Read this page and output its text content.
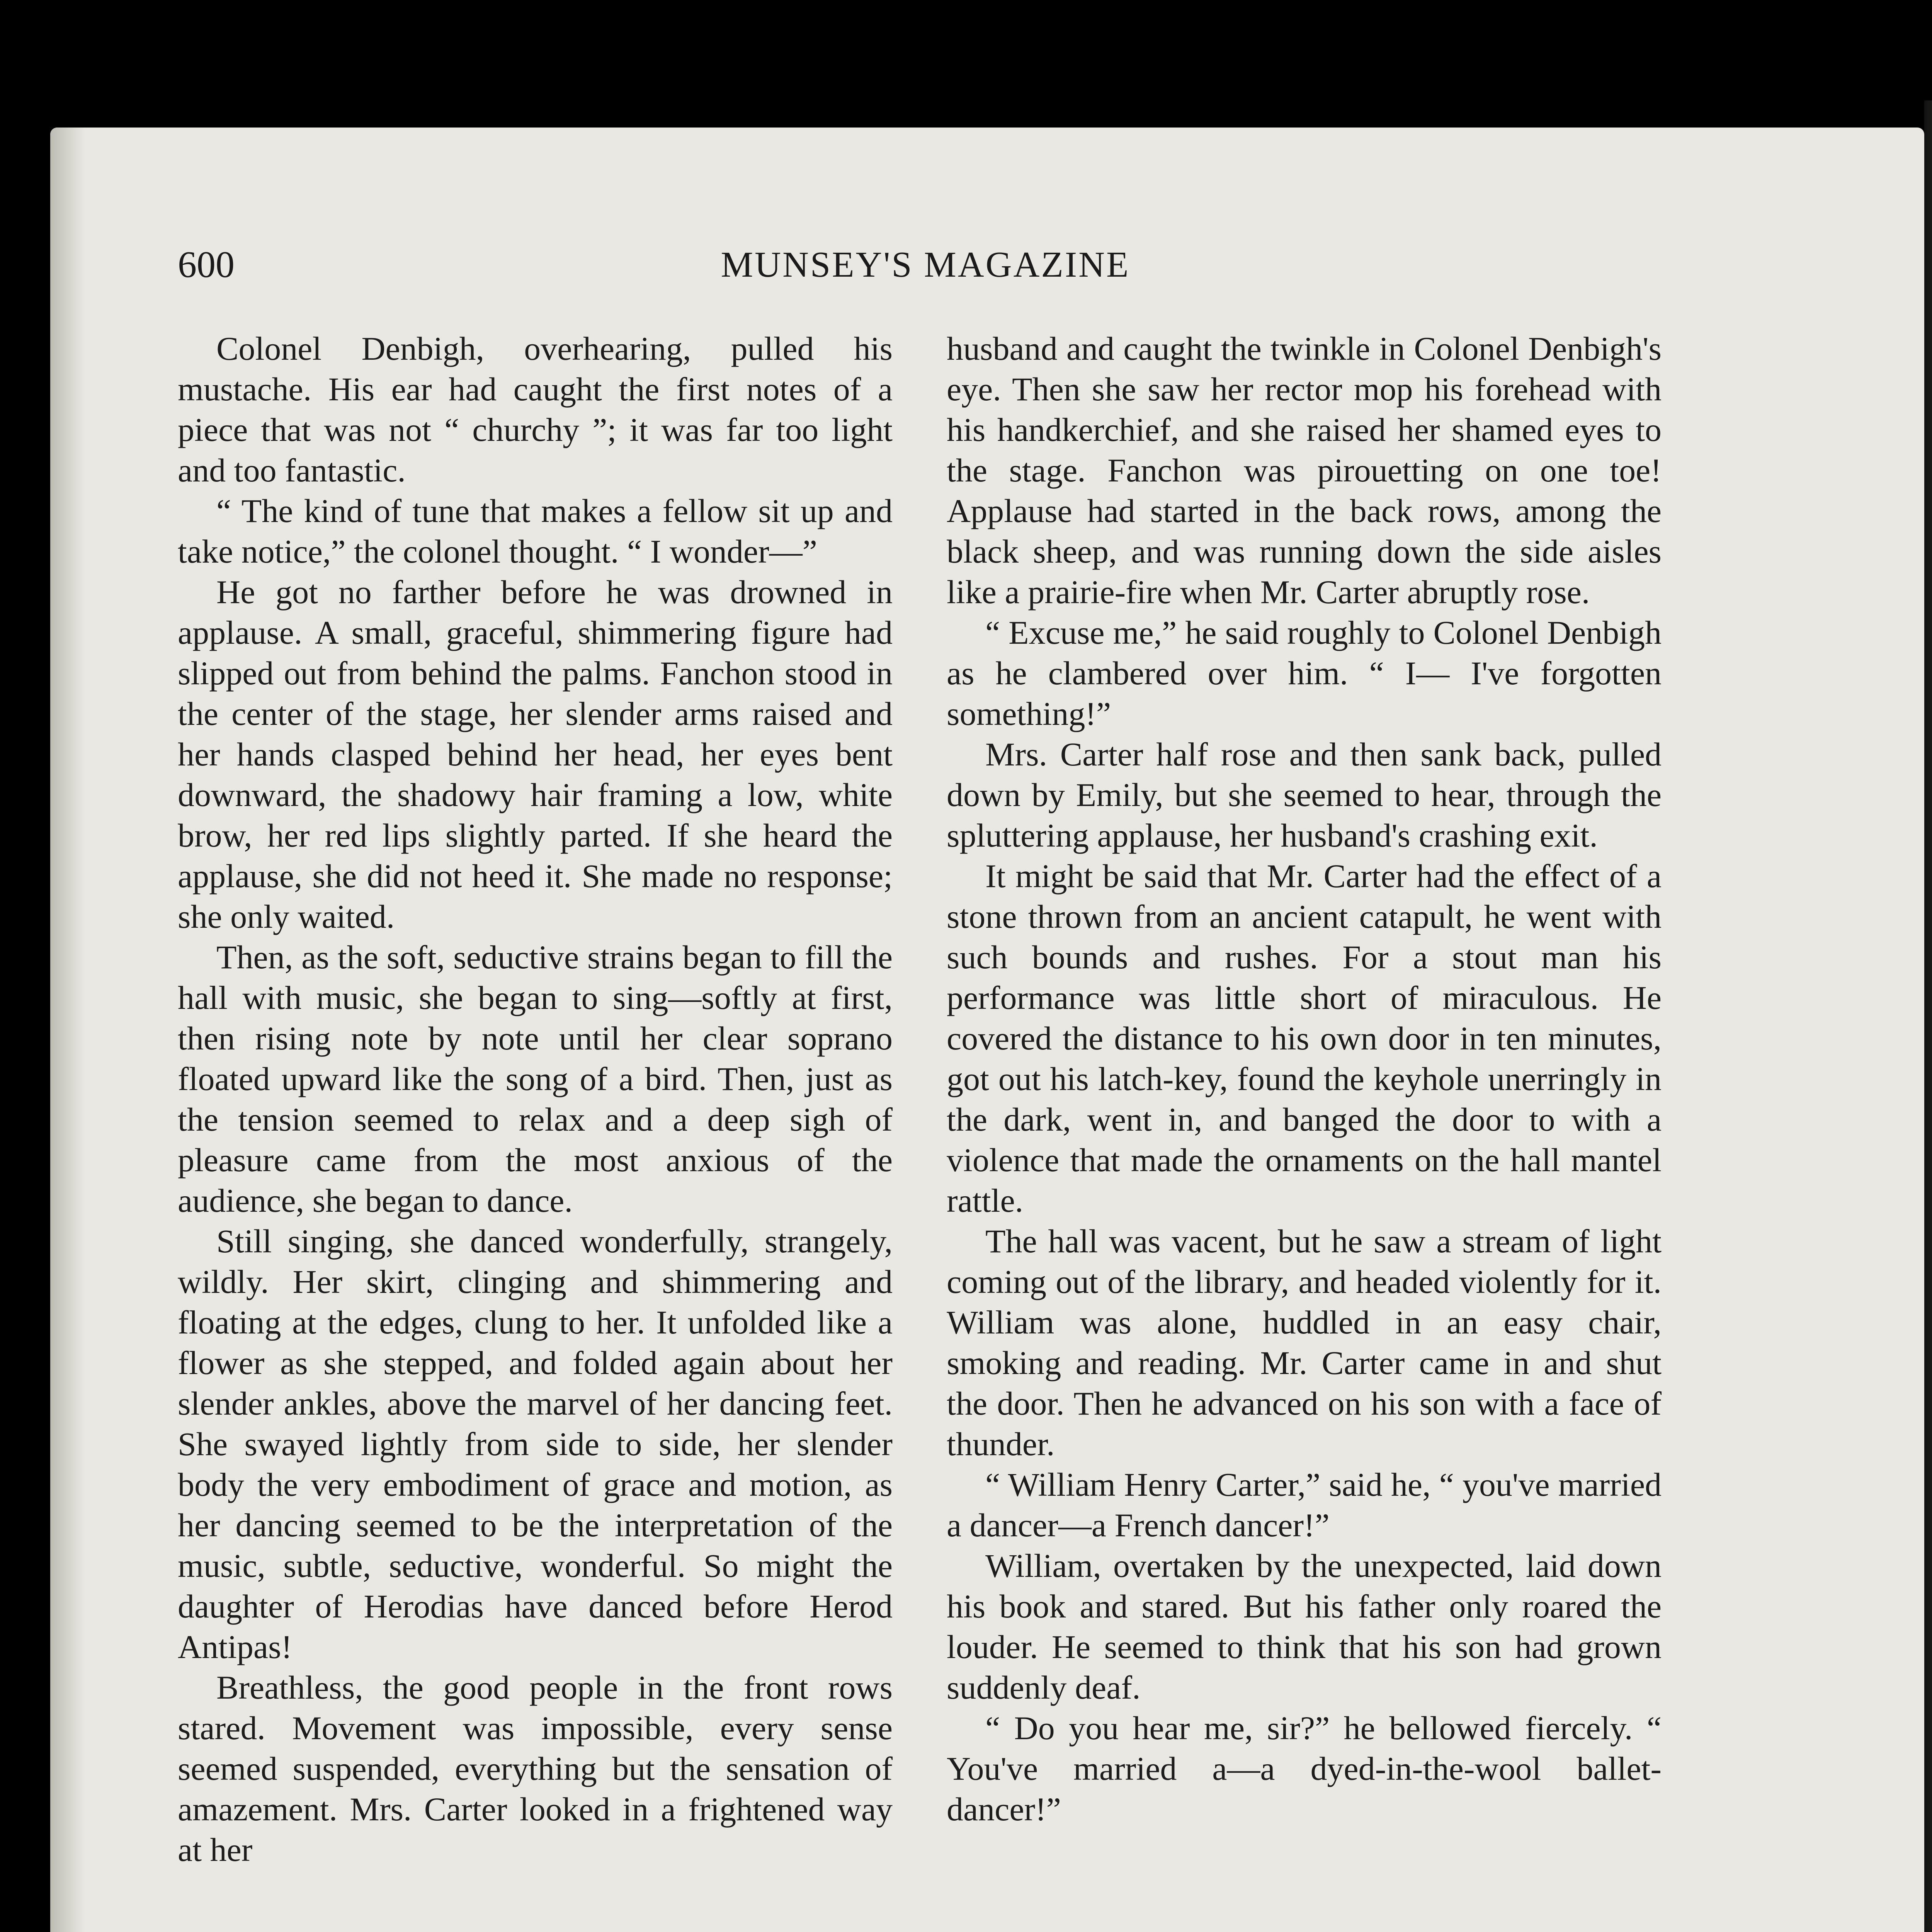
600	MUNSEY'S MAGAZINE

Colonel Denbigh, overhearing, pulled his mustache. His ear had caught the first notes of a piece that was not “ churchy ”; it was far too light and too fantastic.

“ The kind of tune that makes a fellow sit up and take notice,” the colonel thought. “ I wonder—”

He got no farther before he was drowned in applause. A small, graceful, shimmering figure had slipped out from behind the palms. Fanchon stood in the center of the stage, her slender arms raised and her hands clasped behind her head, her eyes bent downward, the shadowy hair framing a low, white brow, her red lips slightly parted. If she heard the applause, she did not heed it. She made no response; she only waited.

Then, as the soft, seductive strains began to fill the hall with music, she began to sing—softly at first, then rising note by note until her clear soprano floated upward like the song of a bird. Then, just as the tension seemed to relax and a deep sigh of pleasure came from the most anxious of the audience, she began to dance.

Still singing, she danced wonderfully, strangely, wildly. Her skirt, clinging and shimmering and floating at the edges, clung to her. It unfolded like a flower as she stepped, and folded again about her slender ankles, above the marvel of her dancing feet. She swayed lightly from side to side, her slender body the very embodiment of grace and motion, as her dancing seemed to be the interpretation of the music, subtle, seductive, wonderful. So might the daughter of Herodias have danced before Herod Antipas!

Breathless, the good people in the front rows stared. Movement was impossible, every sense seemed suspended, everything but the sensation of amazement. Mrs. Carter looked in a frightened way at her

husband and caught the twinkle in Colonel Denbigh's eye. Then she saw her rector mop his forehead with his handkerchief, and she raised her shamed eyes to the stage. Fanchon was pirouetting on one toe! Applause had started in the back rows, among the black sheep, and was running down the side aisles like a prairie-fire when Mr. Carter abruptly rose.

“ Excuse me,” he said roughly to Colonel Denbigh as he clambered over him. “ I— I've forgotten something!”

Mrs. Carter half rose and then sank back, pulled down by Emily, but she seemed to hear, through the spluttering applause, her husband's crashing exit.

It might be said that Mr. Carter had the effect of a stone thrown from an ancient catapult, he went with such bounds and rushes. For a stout man his performance was little short of miraculous. He covered the distance to his own door in ten minutes, got out his latch-key, found the keyhole unerringly in the dark, went in, and banged the door to with a violence that made the ornaments on the hall mantel rattle.

The hall was vacent, but he saw a stream of light coming out of the library, and headed violently for it. William was alone, huddled in an easy chair, smoking and reading. Mr. Carter came in and shut the door. Then he advanced on his son with a face of thunder.

“ William Henry Carter,” said he, “ you've married a dancer—a French dancer!”

William, overtaken by the unexpected, laid down his book and stared. But his father only roared the louder. He seemed to think that his son had grown suddenly deaf.

“ Do you hear me, sir?” he bellowed fiercely. “ You've married a—a dyed-in-the-wool ballet-dancer!”
